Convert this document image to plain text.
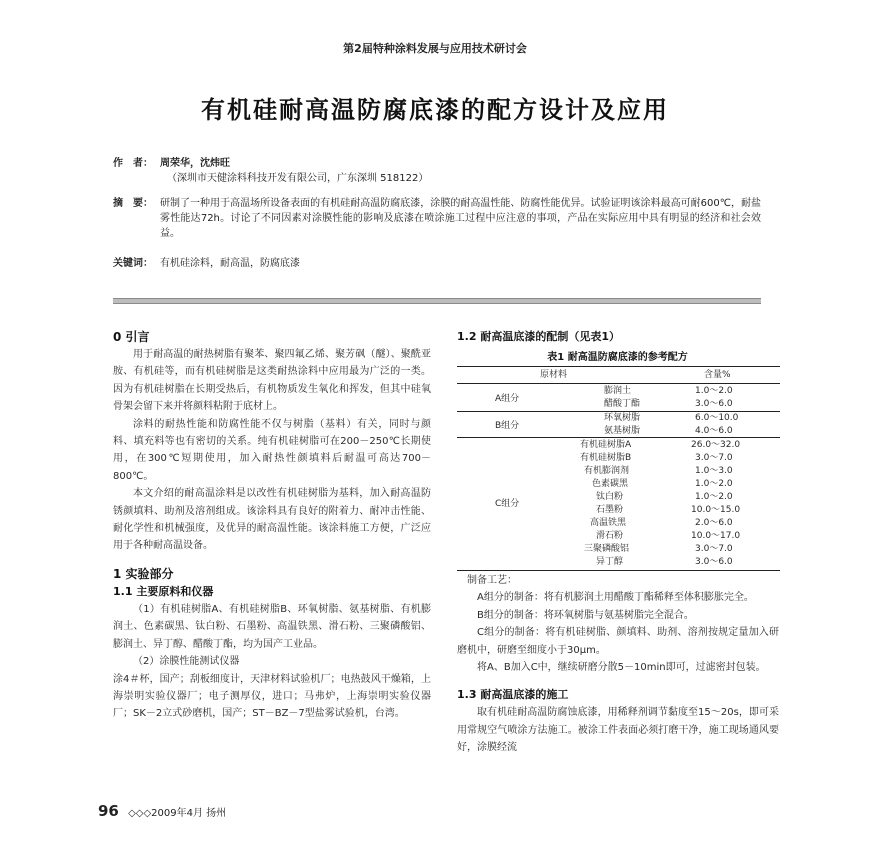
第2届特种涂料发展与应用技术研讨会
有机硅耐高温防腐底漆的配方设计及应用
作　者： 周荣华，沈炜旺
（深圳市天健涂料科技开发有限公司，广东深圳 518122）
摘　要： 研制了一种用于高温场所设备表面的有机硅耐高温防腐底漆，涂膜的耐高温性能、防腐性能优异。试验证明该涂料最高可耐600℃，耐盐雾性能达72h。讨论了不同因素对涂膜性能的影响及底漆在喷涂施工过程中应注意的事项，产品在实际应用中具有明显的经济和社会效益。
关键词： 有机硅涂料，耐高温，防腐底漆
0 引言

用于耐高温的耐热树脂有聚苯、聚四氟乙烯、聚芳砜（醚）、聚酰亚胺、有机硅等，而有机硅树脂是这类耐热涂料中应用最为广泛的一类。因为有机硅树脂在长期受热后，有机物质发生氧化和挥发，但其中硅氧骨架会留下来并将颜料粘附于底材上。

涂料的耐热性能和防腐性能不仅与树脂（基料）有关，同时与颜料、填充料等也有密切的关系。纯有机硅树脂可在200－250℃长期使用，在300℃短期使用，加入耐热性颜填料后耐温可高达700－800℃。

本文介绍的耐高温涂料是以改性有机硅树脂为基料，加入耐高温防锈颜填料、助剂及溶剂组成。该涂料具有良好的附着力、耐冲击性能、耐化学性和机械强度，及优异的耐高温性能。该涂料施工方便，广泛应用于各种耐高温设备。

1 实验部分
1.1 主要原料和仪器

（1）有机硅树脂A、有机硅树脂B、环氧树脂、氨基树脂、有机膨润土、色素碳黑、钛白粉、石墨粉、高温铁黑、滑石粉、三聚磷酸铝、膨润土、异丁醇、醋酸丁酯，均为国产工业品。

（2）涂膜性能测试仪器

涂4＃杯，国产；刮板细度计，天津材料试验机厂；电热鼓风干燥箱，上海崇明实验仪器厂；电子测厚仪，进口；马弗炉，上海崇明实验仪器厂；SK－2立式砂磨机，国产；ST－BZ－7型盐雾试验机，台湾。

1.2 耐高温底漆的配制（见表1）
表1 耐高温防腐底漆的参考配方
原材料	含量%
A组分
膨润土	1.0～2.0
醋酸丁酯	3.0～6.0
B组分
环氧树脂	6.0～10.0
氨基树脂	4.0～6.0
C组分
有机硅树脂A	26.0～32.0
有机硅树脂B	3.0～7.0
有机膨润剂	1.0～3.0
色素碳黑	1.0～2.0
钛白粉	1.0～2.0
石墨粉	10.0～15.0
高温铁黑	2.0～6.0
滑石粉	10.0～17.0
三聚磷酸铝	3.0～7.0
异丁醇	3.0～6.0

制备工艺：

A组分的制备：将有机膨润土用醋酸丁酯稀释至体积膨胀完全。

B组分的制备：将环氧树脂与氨基树脂完全混合。

C组分的制备：将有机硅树脂、颜填料、助剂、溶剂按规定量加入研磨机中，研磨至细度小于30μm。

将A、B加入C中，继续研磨分散5－10min即可，过滤密封包装。

1.3 耐高温底漆的施工

取有机硅耐高温防腐蚀底漆，用稀释剂调节黏度至15～20s，即可采用常规空气喷涂方法施工。被涂工件表面必须打磨干净，施工现场通风要好，涂膜经流

96 ◇◇◇2009年4月 扬州
